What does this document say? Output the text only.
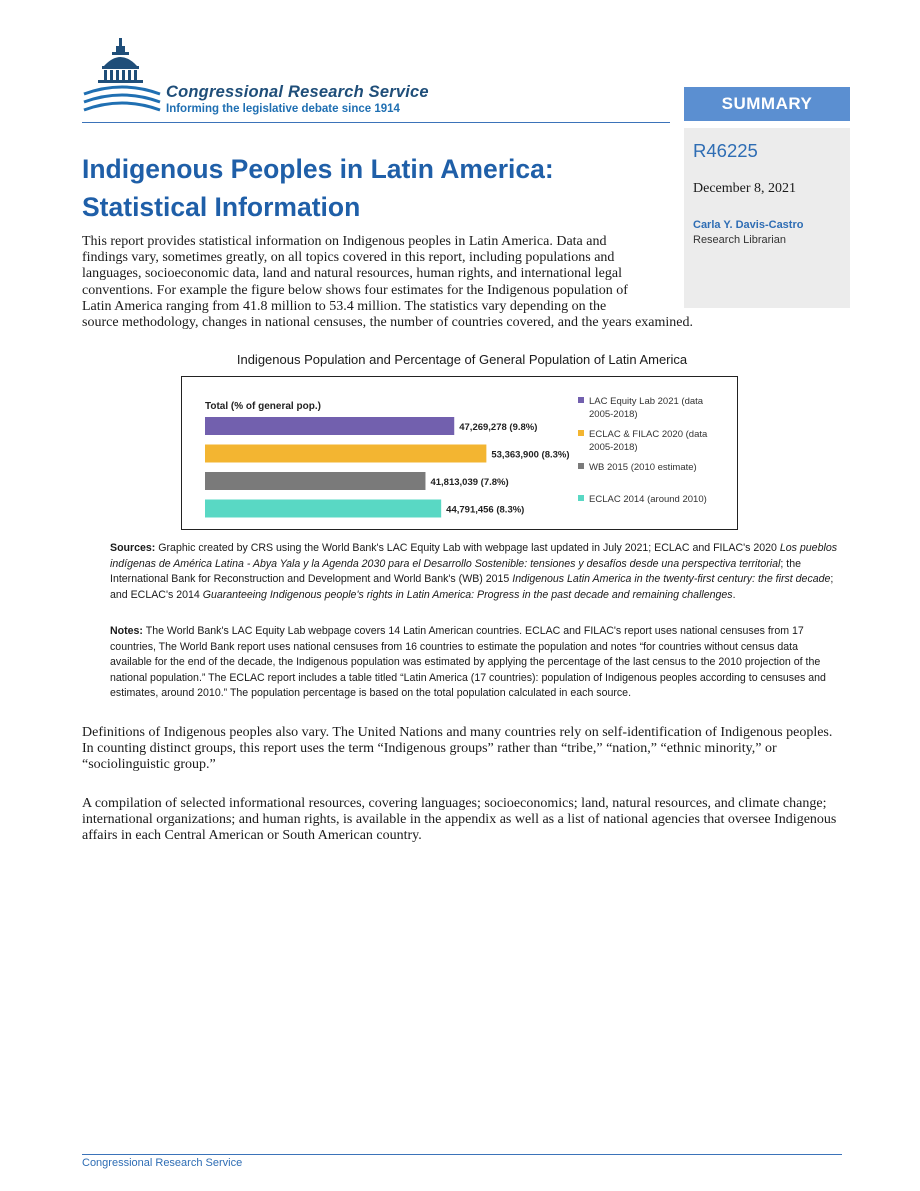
Congressional Research Service
Informing the legislative debate since 1914	SUMMARY
R46225
December 8, 2021
Carla Y. Davis-Castro
Research Librarian
Indigenous Peoples in Latin America: Statistical Information

This report provides statistical information on Indigenous peoples in Latin America. Data and
findings vary, sometimes greatly, on all topics covered in this report, including populations and
languages, socioeconomic data, land and natural resources, human rights, and international legal
conventions. For example the figure below shows four estimates for the Indigenous population of
Latin America ranging from 41.8 million to 53.4 million. The statistics vary depending on the
source methodology, changes in national censuses, the number of countries covered, and the years examined.

Indigenous Population and Percentage of General Population of Latin America
Total (% of general pop.)
47,269,278 (9.8%)
53,363,900 (8.3%)
41,813,039 (7.8%)
44,791,456 (8.3%)
LAC Equity Lab 2021 (data
2005-2018)
ECLAC & FILAC 2020 (data
2005-2018)
WB 2015 (2010 estimate)
ECLAC 2014 (around 2010)

Sources: Graphic created by CRS using the World Bank's LAC Equity Lab with webpage last updated in July 2021; ECLAC and FILAC's 2020 Los pueblos indígenas de América Latina - Abya Yala y la Agenda 2030 para el Desarrollo Sostenible: tensiones y desafíos desde una perspectiva territorial; the International Bank for Reconstruction and Development and World Bank's (WB) 2015 Indigenous Latin America in the twenty-first century: the first decade; and ECLAC's 2014 Guaranteeing Indigenous people's rights in Latin America: Progress in the past decade and remaining challenges.

Notes: The World Bank's LAC Equity Lab webpage covers 14 Latin American countries. ECLAC and FILAC's report uses national censuses from 17 countries, The World Bank report uses national censuses from 16 countries to estimate the population and notes “for countries without census data available for the end of the decade, the Indigenous population was estimated by applying the percentage of the last census to the 2010 projection of the national population.” The ECLAC report includes a table titled “Latin America (17 countries): population of Indigenous peoples according to censuses and estimates, around 2010.” The population percentage is based on the total population calculated in each source.

Definitions of Indigenous peoples also vary. The United Nations and many countries rely on self-identification of Indigenous peoples. In counting distinct groups, this report uses the term “Indigenous groups” rather than “tribe,” “nation,” “ethnic minority,” or “sociolinguistic group.”

A compilation of selected informational resources, covering languages; socioeconomics; land, natural resources, and climate change; international organizations; and human rights, is available in the appendix as well as a list of national agencies that oversee Indigenous affairs in each Central American or South American country.

Congressional Research Service
